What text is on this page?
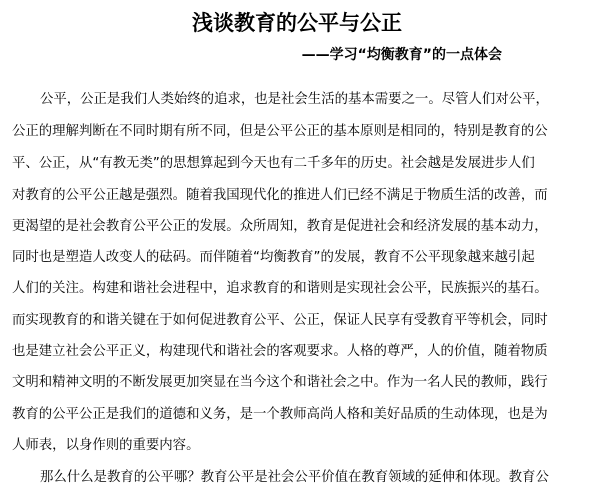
浅谈教育的公平与公正
——学习“均衡教育”的一点体会
公平，公正是我们人类始终的追求，也是社会生活的基本需要之一。尽管人们对公平，
公正的理解判断在不同时期有所不同，但是公平公正的基本原则是相同的，特别是教育的公
平、公正，从“有教无类”的思想算起到今天也有二千多年的历史。社会越是发展进步人们
对教育的公平公正越是强烈。随着我国现代化的推进人们已经不满足于物质生活的改善，而
更渴望的是社会教育公平公正的发展。众所周知，教育是促进社会和经济发展的基本动力，
同时也是塑造人改变人的砝码。而伴随着“均衡教育”的发展，教育不公平现象越来越引起
人们的关注。构建和谐社会进程中，追求教育的和谐则是实现社会公平，民族振兴的基石。
而实现教育的和谐关键在于如何促进教育公平、公正，保证人民享有受教育平等机会，同时
也是建立社会公平正义，构建现代和谐社会的客观要求。人格的尊严，人的价值，随着物质
文明和精神文明的不断发展更加突显在当今这个和谐社会之中。作为一名人民的教师，践行
教育的公平公正是我们的道德和义务，是一个教师高尚人格和美好品质的生动体现，也是为
人师表，以身作则的重要内容。
那么什么是教育的公平哪？教育公平是社会公平价值在教育领域的延伸和体现。教育公
